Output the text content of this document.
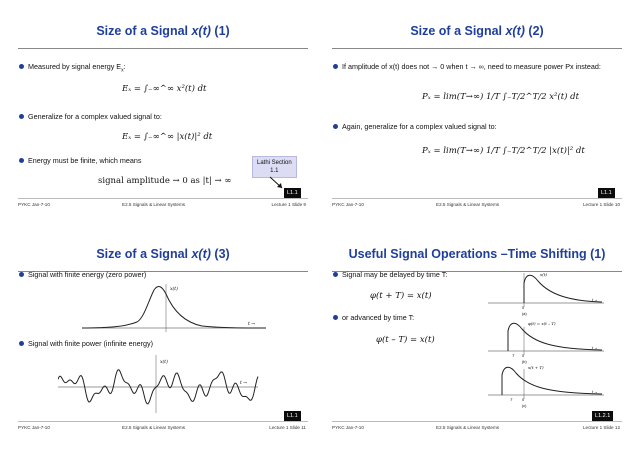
Size of a Signal x(t) (1)
Measured by signal energy $E_x$:
Eₓ = ∫₋∞^∞ x²(t) dt
Generalize for a complex valued signal to:
Eₓ = ∫₋∞^∞ |x(t)|² dt
Energy must be finite, which means
signal amplitude → 0 as |t| → ∞
Lathi Section
1.1
L1.1
PYKC Jan-7-10	E2.5 Signals & Linear Systems	Lecture 1 Slide 9
Size of a Signal x(t) (2)
If amplitude of x(t) does not → 0 when t → ∞, need to measure power Px instead:
Pₓ = lim(T→∞) 1/T ∫₋T/2^T/2 x²(t) dt
Again, generalize for a complex valued signal to:
Pₓ = lim(T→∞) 1/T ∫₋T/2^T/2 |x(t)|² dt
L1.1
PYKC Jan-7-10	E2.5 Signals & Linear Systems	Lecture 1 Slide 10
Size of a Signal x(t) (3)
Signal with finite energy (zero power)
x(t)
t →
Signal with finite power (infinite energy)
x(t)
t →
L1.1
PYKC Jan-7-10	E2.5 Signals & Linear Systems	Lecture 1 Slide 11
Useful Signal Operations –Time Shifting (1)
Signal may be delayed by time T:
φ(t + T) = x(t)
or advanced by time T:
φ(t – T) = x(t)
x(t)
0
(a)
t →
φ(t) = x(t – T)
0
(b)
t →
T
x(t + T)
0
(c)
t →
T
L1.2.1
PYKC Jan-7-10	E2.5 Signals & Linear Systems	Lecture 1 Slide 12
